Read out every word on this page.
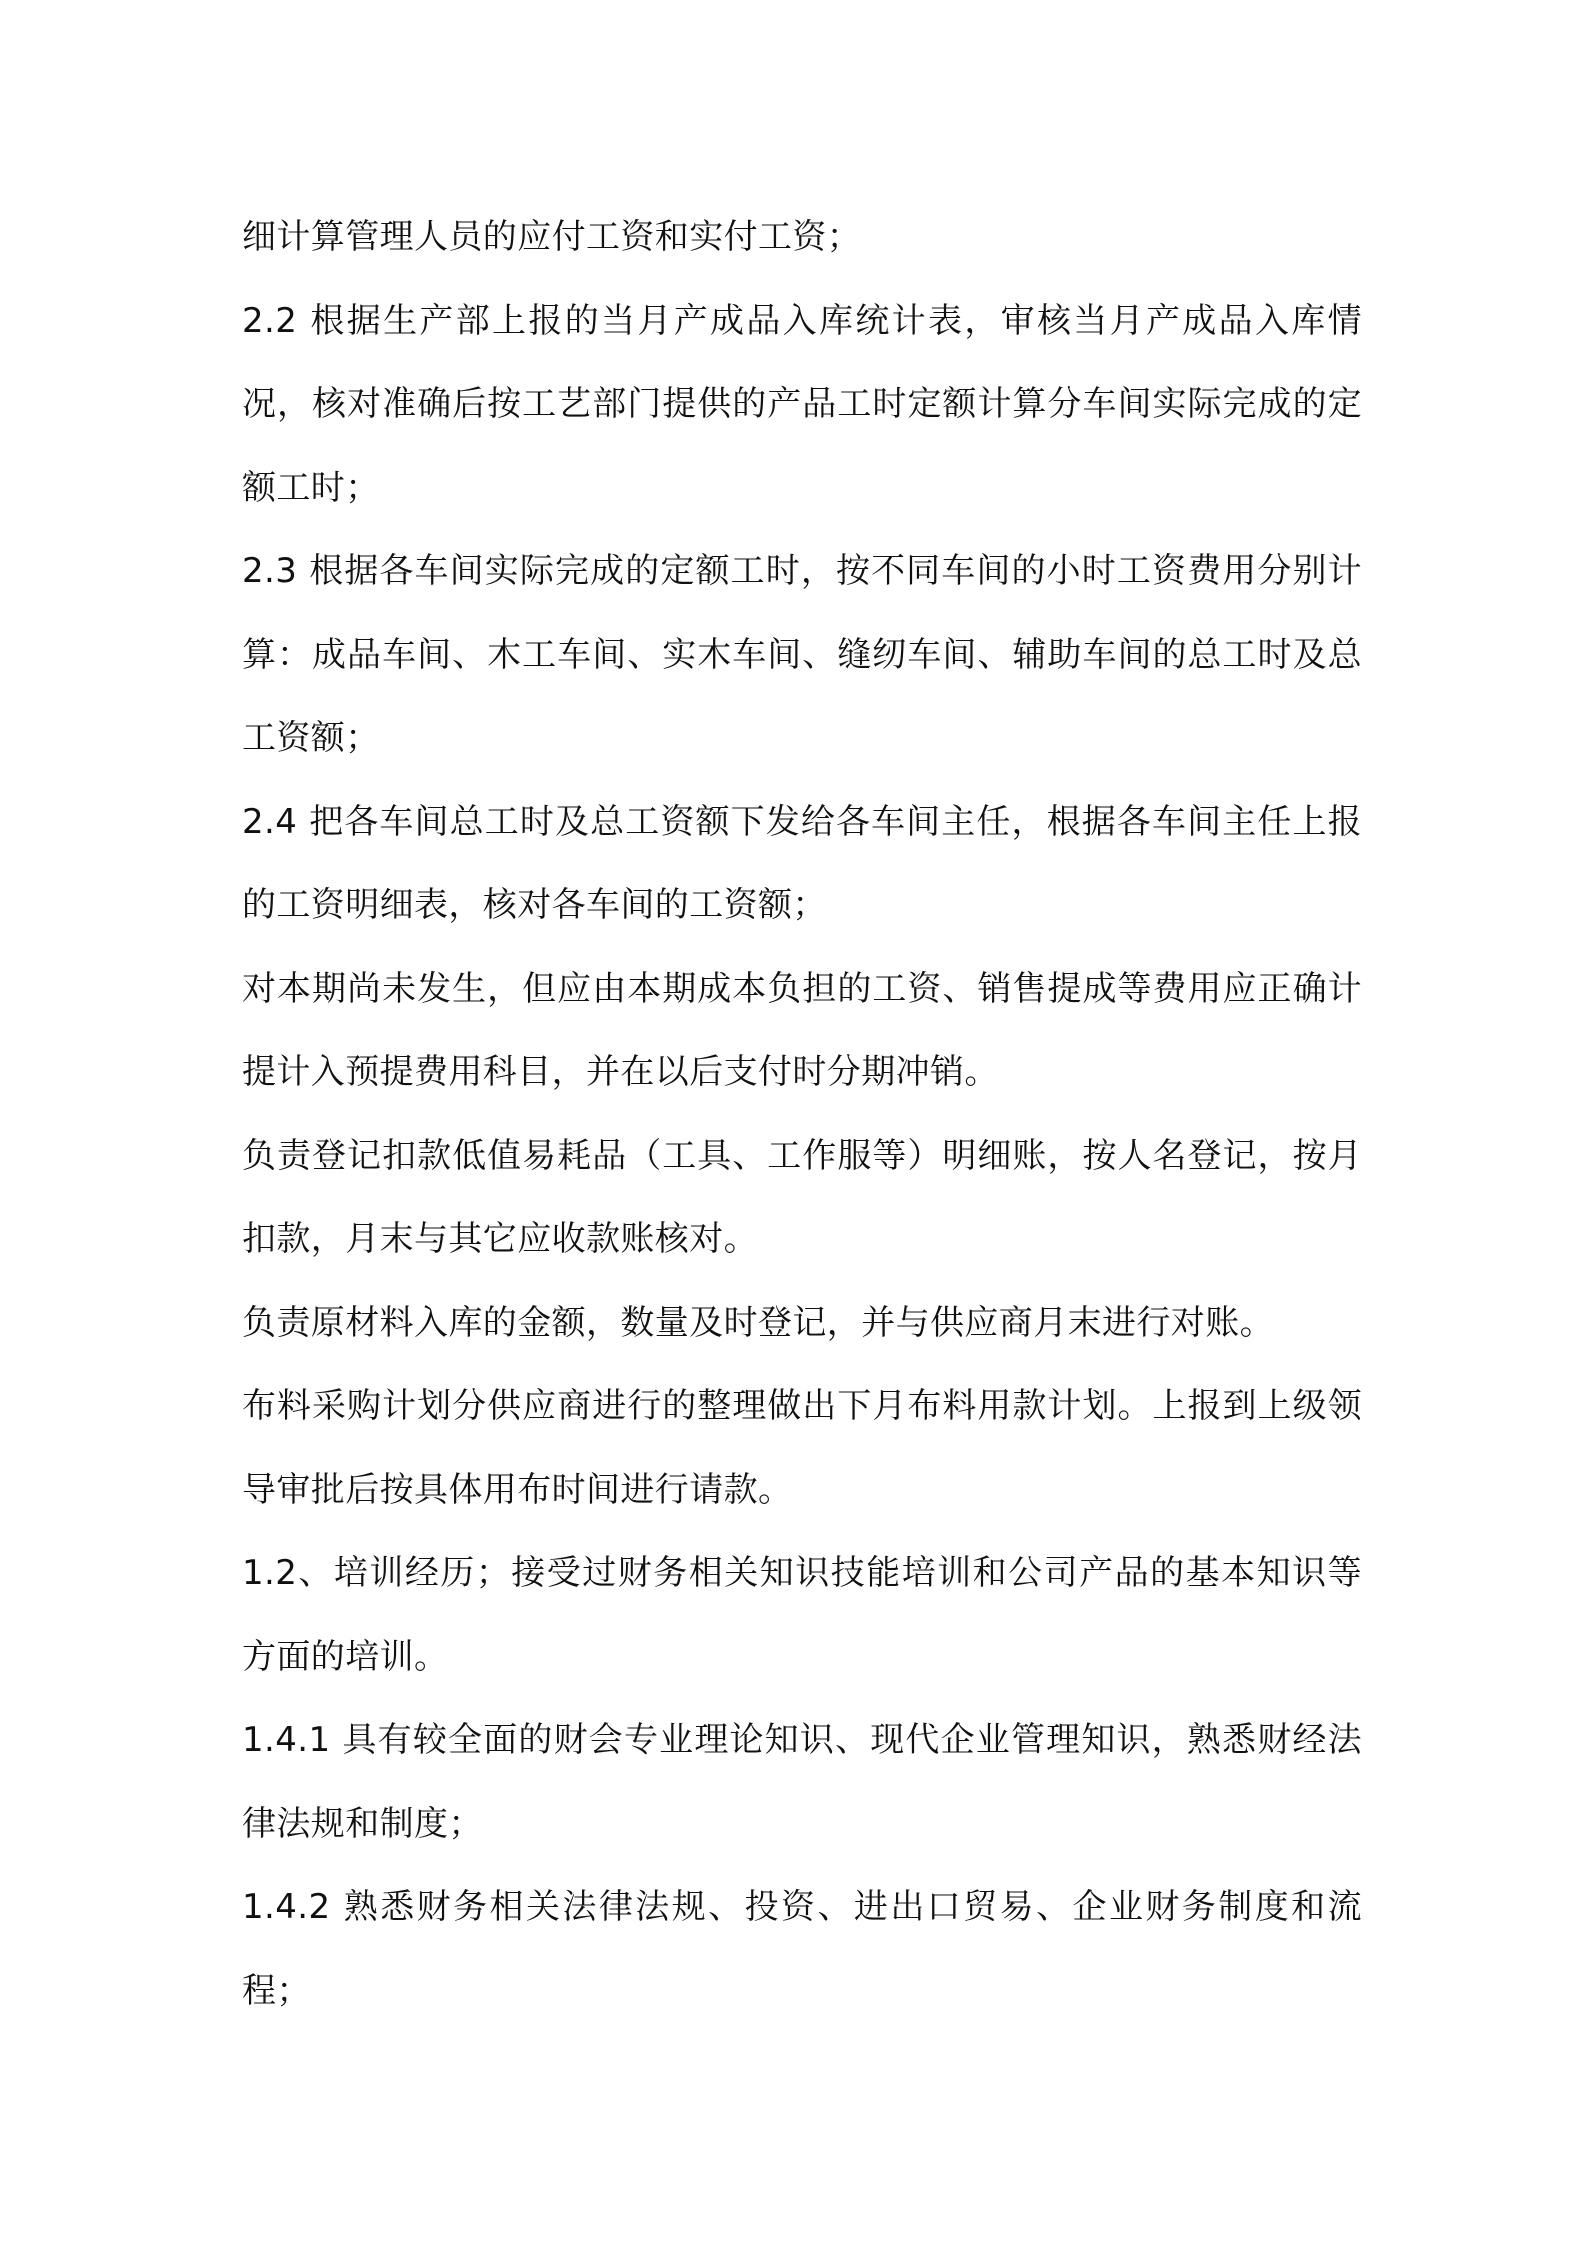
细计算管理人员的应付工资和实付工资；

2.2 根据生产部上报的当月产成品入库统计表，审核当月产成品入库情况，核对准确后按工艺部门提供的产品工时定额计算分车间实际完成的定额工时；

2.3 根据各车间实际完成的定额工时，按不同车间的小时工资费用分别计算：成品车间、木工车间、实木车间、缝纫车间、辅助车间的总工时及总工资额；

2.4 把各车间总工时及总工资额下发给各车间主任，根据各车间主任上报的工资明细表，核对各车间的工资额；

对本期尚未发生，但应由本期成本负担的工资、销售提成等费用应正确计提计入预提费用科目，并在以后支付时分期冲销。

负责登记扣款低值易耗品（工具、工作服等）明细账，按人名登记，按月扣款，月末与其它应收款账核对。

负责原材料入库的金额，数量及时登记，并与供应商月末进行对账。

布料采购计划分供应商进行的整理做出下月布料用款计划。上报到上级领导审批后按具体用布时间进行请款。

1.2、培训经历；接受过财务相关知识技能培训和公司产品的基本知识等方面的培训。

1.4.1 具有较全面的财会专业理论知识、现代企业管理知识，熟悉财经法律法规和制度；

1.4.2 熟悉财务相关法律法规、投资、进出口贸易、企业财务制度和流程；
